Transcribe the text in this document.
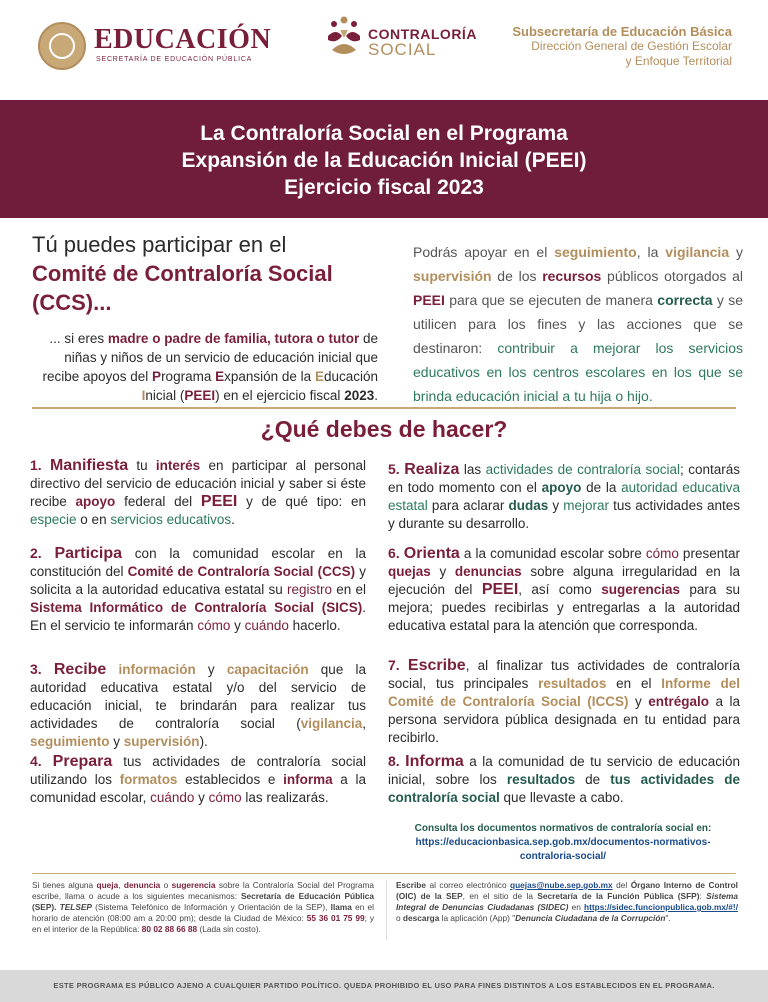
EDUCACIÓN
SECRETARÍA DE EDUCACIÓN PÚBLICA
CONTRALORÍA
SOCIAL
Subsecretaría de Educación Básica
Dirección General de Gestión Escolar
y Enfoque Territorial
La Contraloría Social en el Programa
Expansión de la Educación Inicial (PEEI)
Ejercicio fiscal 2023
Tú puedes participar en el
Comité de Contraloría Social
(CCS)...

... si eres madre o padre de familia, tutora o tutor de niñas y niños de un servicio de educación inicial que recibe apoyos del Programa Expansión de la Educación Inicial (PEEI) en el ejercicio fiscal 2023.

Podrás apoyar en el seguimiento, la vigilancia y supervisión de los recursos públicos otorgados al PEEI para que se ejecuten de manera correcta y se utilicen para los fines y las acciones que se destinaron: contribuir a mejorar los servicios educativos en los centros escolares en los que se brinda educación inicial a tu hija o hijo.

¿Qué debes de hacer?

1. Manifiesta tu interés en participar al personal directivo del servicio de educación inicial y saber si éste recibe apoyo federal del PEEI y de qué tipo: en especie o en servicios educativos.

2. Participa con la comunidad escolar en la constitución del Comité de Contraloría Social (CCS) y solicita a la autoridad educativa estatal su registro en el Sistema Informático de Contraloría Social (SICS). En el servicio te informarán cómo y cuándo hacerlo.

3. Recibe información y capacitación que la autoridad educativa estatal y/o del servicio de educación inicial, te brindarán para realizar tus actividades de contraloría social (vigilancia, seguimiento y supervisión).

4. Prepara tus actividades de contraloría social utilizando los formatos establecidos e informa a la comunidad escolar, cuándo y cómo las realizarás.

5. Realiza las actividades de contraloría social; contarás en todo momento con el apoyo de la autoridad educativa estatal para aclarar dudas y mejorar tus actividades antes y durante su desarrollo.

6. Orienta a la comunidad escolar sobre cómo presentar quejas y denuncias sobre alguna irregularidad en la ejecución del PEEI, así como sugerencias para su mejora; puedes recibirlas y entregarlas a la autoridad educativa estatal para la atención que corresponda.

7. Escribe, al finalizar tus actividades de contraloría social, tus principales resultados en el Informe del Comité de Contraloría Social (ICCS) y entrégalo a la persona servidora pública designada en tu entidad para recibirlo.

8. Informa a la comunidad de tu servicio de educación inicial, sobre los resultados de tus actividades de contraloría social que llevaste a cabo.

Consulta los documentos normativos de contraloría social en:
https://educacionbasica.sep.gob.mx/documentos-normativos-contraloria-social/

Si tienes alguna queja, denuncia o sugerencia sobre la Contraloría Social del Programa escribe, llama o acude a los siguientes mecanismos: Secretaría de Educación Pública (SEP). TELSEP (Sistema Telefónico de Información y Orientación de la SEP), llama en el horario de atención (08:00 am a 20:00 pm); desde la Ciudad de México: 55 36 01 75 99; y en el interior de la República: 80 02 88 66 88 (Lada sin costo).

Escribe al correo electrónico quejas@nube.sep.gob.mx del Órgano Interno de Control (OIC) de la SEP, en el sitio de la Secretaría de la Función Pública (SFP): Sistema Integral de Denuncias Ciudadanas (SIDEC) en https://sidec.funcionpublica.gob.mx/#!/ o descarga la aplicación (App) "Denuncia Ciudadana de la Corrupción".

ESTE PROGRAMA ES PÚBLICO AJENO A CUALQUIER PARTIDO POLÍTICO. QUEDA PROHIBIDO EL USO PARA FINES DISTINTOS A LOS ESTABLECIDOS EN EL PROGRAMA.
